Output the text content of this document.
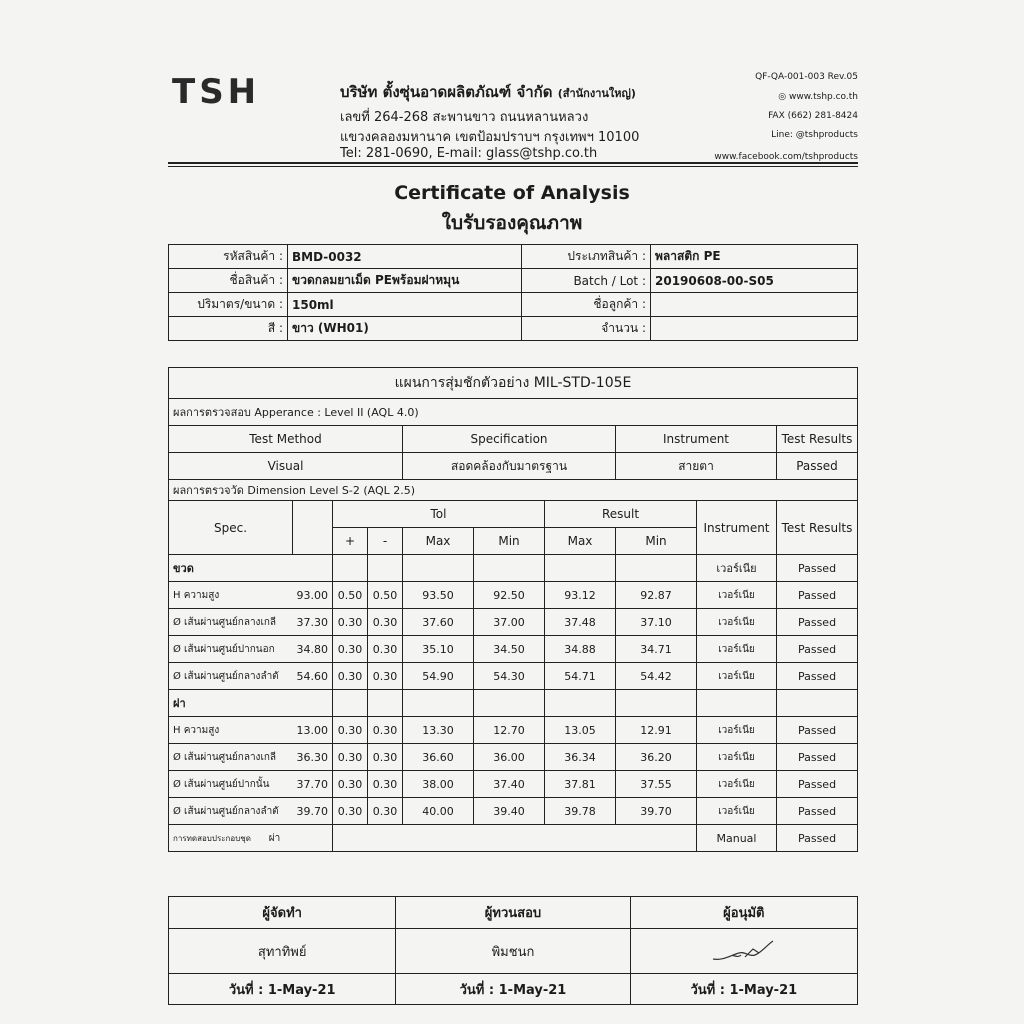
TSH	บริษัท ตั้งซุ่นอาดผลิตภัณฑ์ จำกัด (สำนักงานใหญ่)
เลขที่ 264-268 สะพานขาว ถนนหลานหลวง
แขวงคลองมหานาค เขตป้อมปราบฯ กรุงเทพฯ 10100
Tel: 281-0690, E-mail: glass@tshp.co.th
QF-QA-001-003 Rev.05
◎ www.tshp.co.th
FAX (662) 281-8424
Line: @tshproducts
www.facebook.com/tshproducts
Certificate of Analysis
ใบรับรองคุณภาพ
รหัสสินค้า :	BMD-0032	ประเภทสินค้า :	พลาสติก PE
ชื่อสินค้า :	ขวดกลมยาเม็ด PEพร้อมฝาหมุน	Batch / Lot :	20190608-00-S05
ปริมาตร/ขนาด :	150ml	ชื่อลูกค้า :	
สี :	ขาว (WH01)	จำนวน :	
แผนการสุ่มชักตัวอย่าง MIL-STD-105E									
ผลการตรวจสอบ Apperance : Level II (AQL 4.0)									
Test Method				Specification			Instrument		Test Results
Visual				สอดคล้องกับมาตรฐาน			สายตา		Passed
ผลการตรวจวัด Dimension Level S-2 (AQL 2.5)									
Spec.		Tol				Result		Instrument	Test Results
		+	-	Max	Min	Max	Min		
ขวด								เวอร์เนีย	Passed
H ความสูง	93.00	0.50	0.50	93.50	92.50	93.12	92.87	เวอร์เนีย	Passed
Ø เส้นผ่านศูนย์กลางเกลี	37.30	0.30	0.30	37.60	37.00	37.48	37.10	เวอร์เนีย	Passed
Ø เส้นผ่านศูนย์ปากนอก	34.80	0.30	0.30	35.10	34.50	34.88	34.71	เวอร์เนีย	Passed
Ø เส้นผ่านศูนย์กลางลำตั	54.60	0.30	0.30	54.90	54.30	54.71	54.42	เวอร์เนีย	Passed
ฝา									
H ความสูง	13.00	0.30	0.30	13.30	12.70	13.05	12.91	เวอร์เนีย	Passed
Ø เส้นผ่านศูนย์กลางเกลี	36.30	0.30	0.30	36.60	36.00	36.34	36.20	เวอร์เนีย	Passed
Ø เส้นผ่านศูนย์ปากนั้น	37.70	0.30	0.30	38.00	37.40	37.81	37.55	เวอร์เนีย	Passed
Ø เส้นผ่านศูนย์กลางลำตั	39.70	0.30	0.30	40.00	39.40	39.78	39.70	เวอร์เนีย	Passed
การทดสอบประกอบชุด ผ่า								Manual	Passed
ผู้จัดทำ	ผู้ทวนสอบ	ผู้อนุมัติ
สุทาทิพย์	พิมชนก	
วันที่ : 1-May-21	วันที่ : 1-May-21	วันที่ : 1-May-21
